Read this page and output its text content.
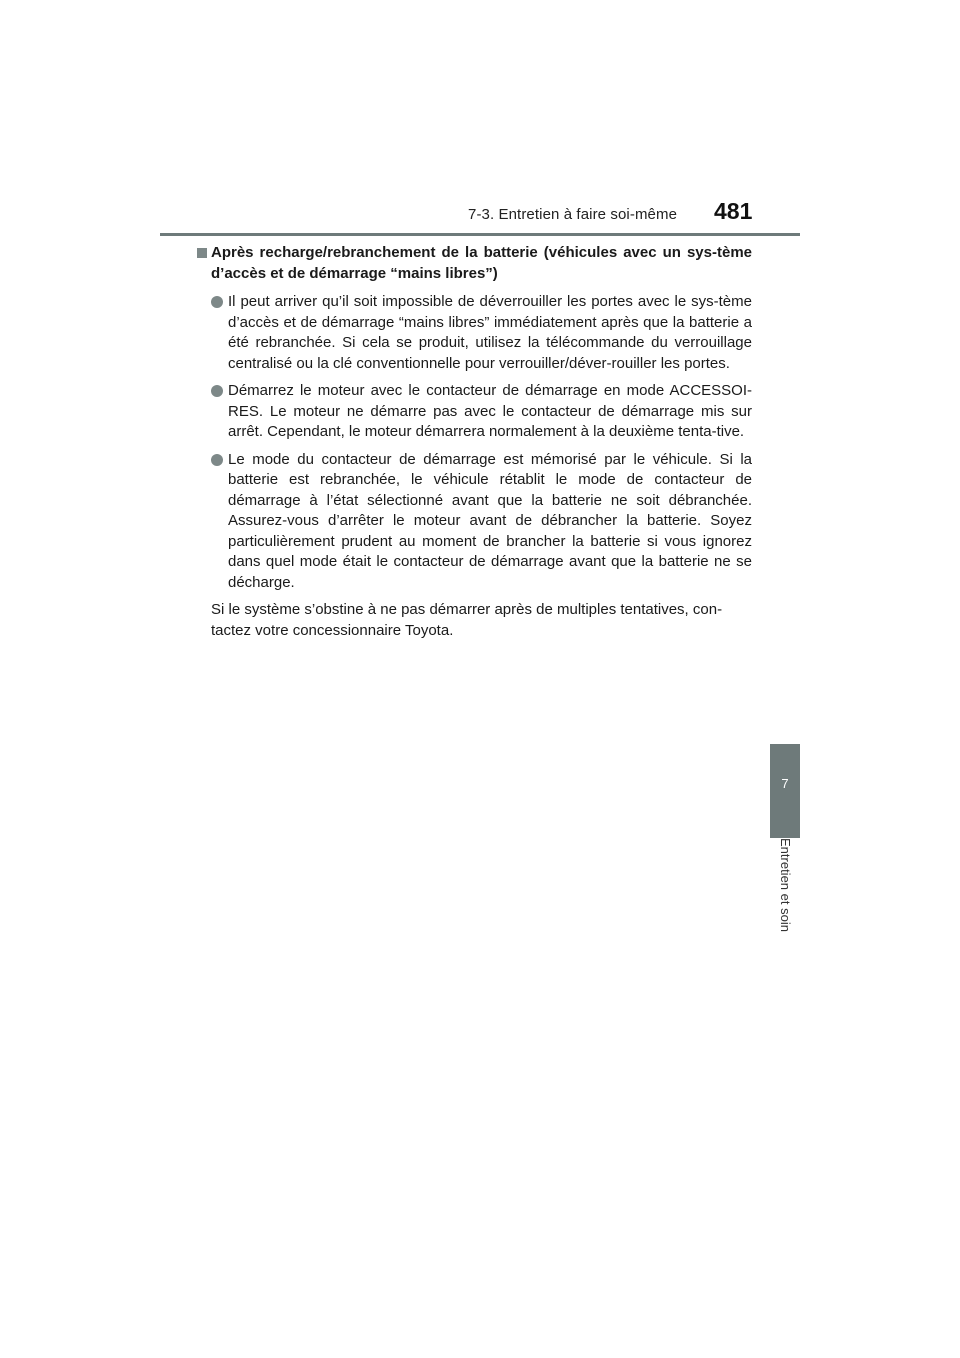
7-3. Entretien à faire soi-même 481
7
Entretien et soin

Après recharge/rebranchement de la batterie (véhicules avec un sys-tème d’accès et de démarrage “mains libres”)

Il peut arriver qu’il soit impossible de déverrouiller les portes avec le sys-tème d’accès et de démarrage “mains libres” immédiatement après que la batterie a été rebranchée. Si cela se produit, utilisez la télécommande du verrouillage centralisé ou la clé conventionnelle pour verrouiller/déver-rouiller les portes.

Démarrez le moteur avec le contacteur de démarrage en mode ACCESSOI-RES. Le moteur ne démarre pas avec le contacteur de démarrage mis sur arrêt. Cependant, le moteur démarrera normalement à la deuxième tenta-tive.

Le mode du contacteur de démarrage est mémorisé par le véhicule. Si la batterie est rebranchée, le véhicule rétablit le mode de contacteur de démarrage à l’état sélectionné avant que la batterie ne soit débranchée. Assurez-vous d’arrêter le moteur avant de débrancher la batterie. Soyez particulièrement prudent au moment de brancher la batterie si vous ignorez dans quel mode était le contacteur de démarrage avant que la batterie ne se décharge.

Si le système s’obstine à ne pas démarrer après de multiples tentatives, con-tactez votre concessionnaire Toyota.
